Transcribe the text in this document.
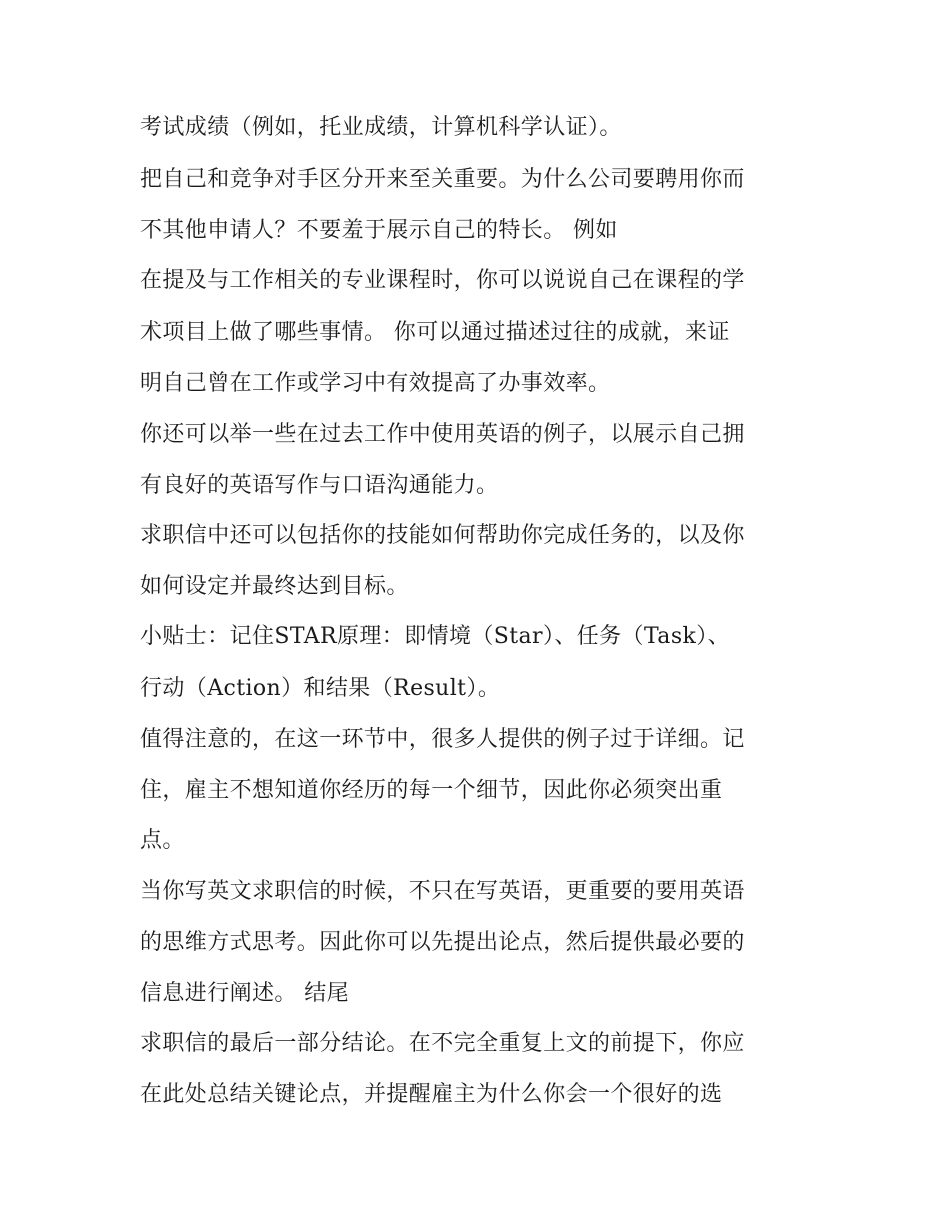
考试成绩（例如，托业成绩，计算机科学认证）。

把自己和竞争对手区分开来至关重要。为什么公司要聘用你而

不其他申请人？不要羞于展示自己的特长。 例如

在提及与工作相关的专业课程时，你可以说说自己在课程的学

术项目上做了哪些事情。 你可以通过描述过往的成就，来证

明自己曾在工作或学习中有效提高了办事效率。

你还可以举一些在过去工作中使用英语的例子，以展示自己拥

有良好的英语写作与口语沟通能力。

求职信中还可以包括你的技能如何帮助你完成任务的，以及你

如何设定并最终达到目标。

小贴士：记住STAR原理：即情境（Star）、任务（Task）、

行动（Action）和结果（Result）。

值得注意的，在这一环节中，很多人提供的例子过于详细。记

住，雇主不想知道你经历的每一个细节，因此你必须突出重

点。

当你写英文求职信的时候，不只在写英语，更重要的要用英语

的思维方式思考。因此你可以先提出论点，然后提供最必要的

信息进行阐述。 结尾

求职信的最后一部分结论。在不完全重复上文的前提下，你应

在此处总结关键论点，并提醒雇主为什么你会一个很好的选
